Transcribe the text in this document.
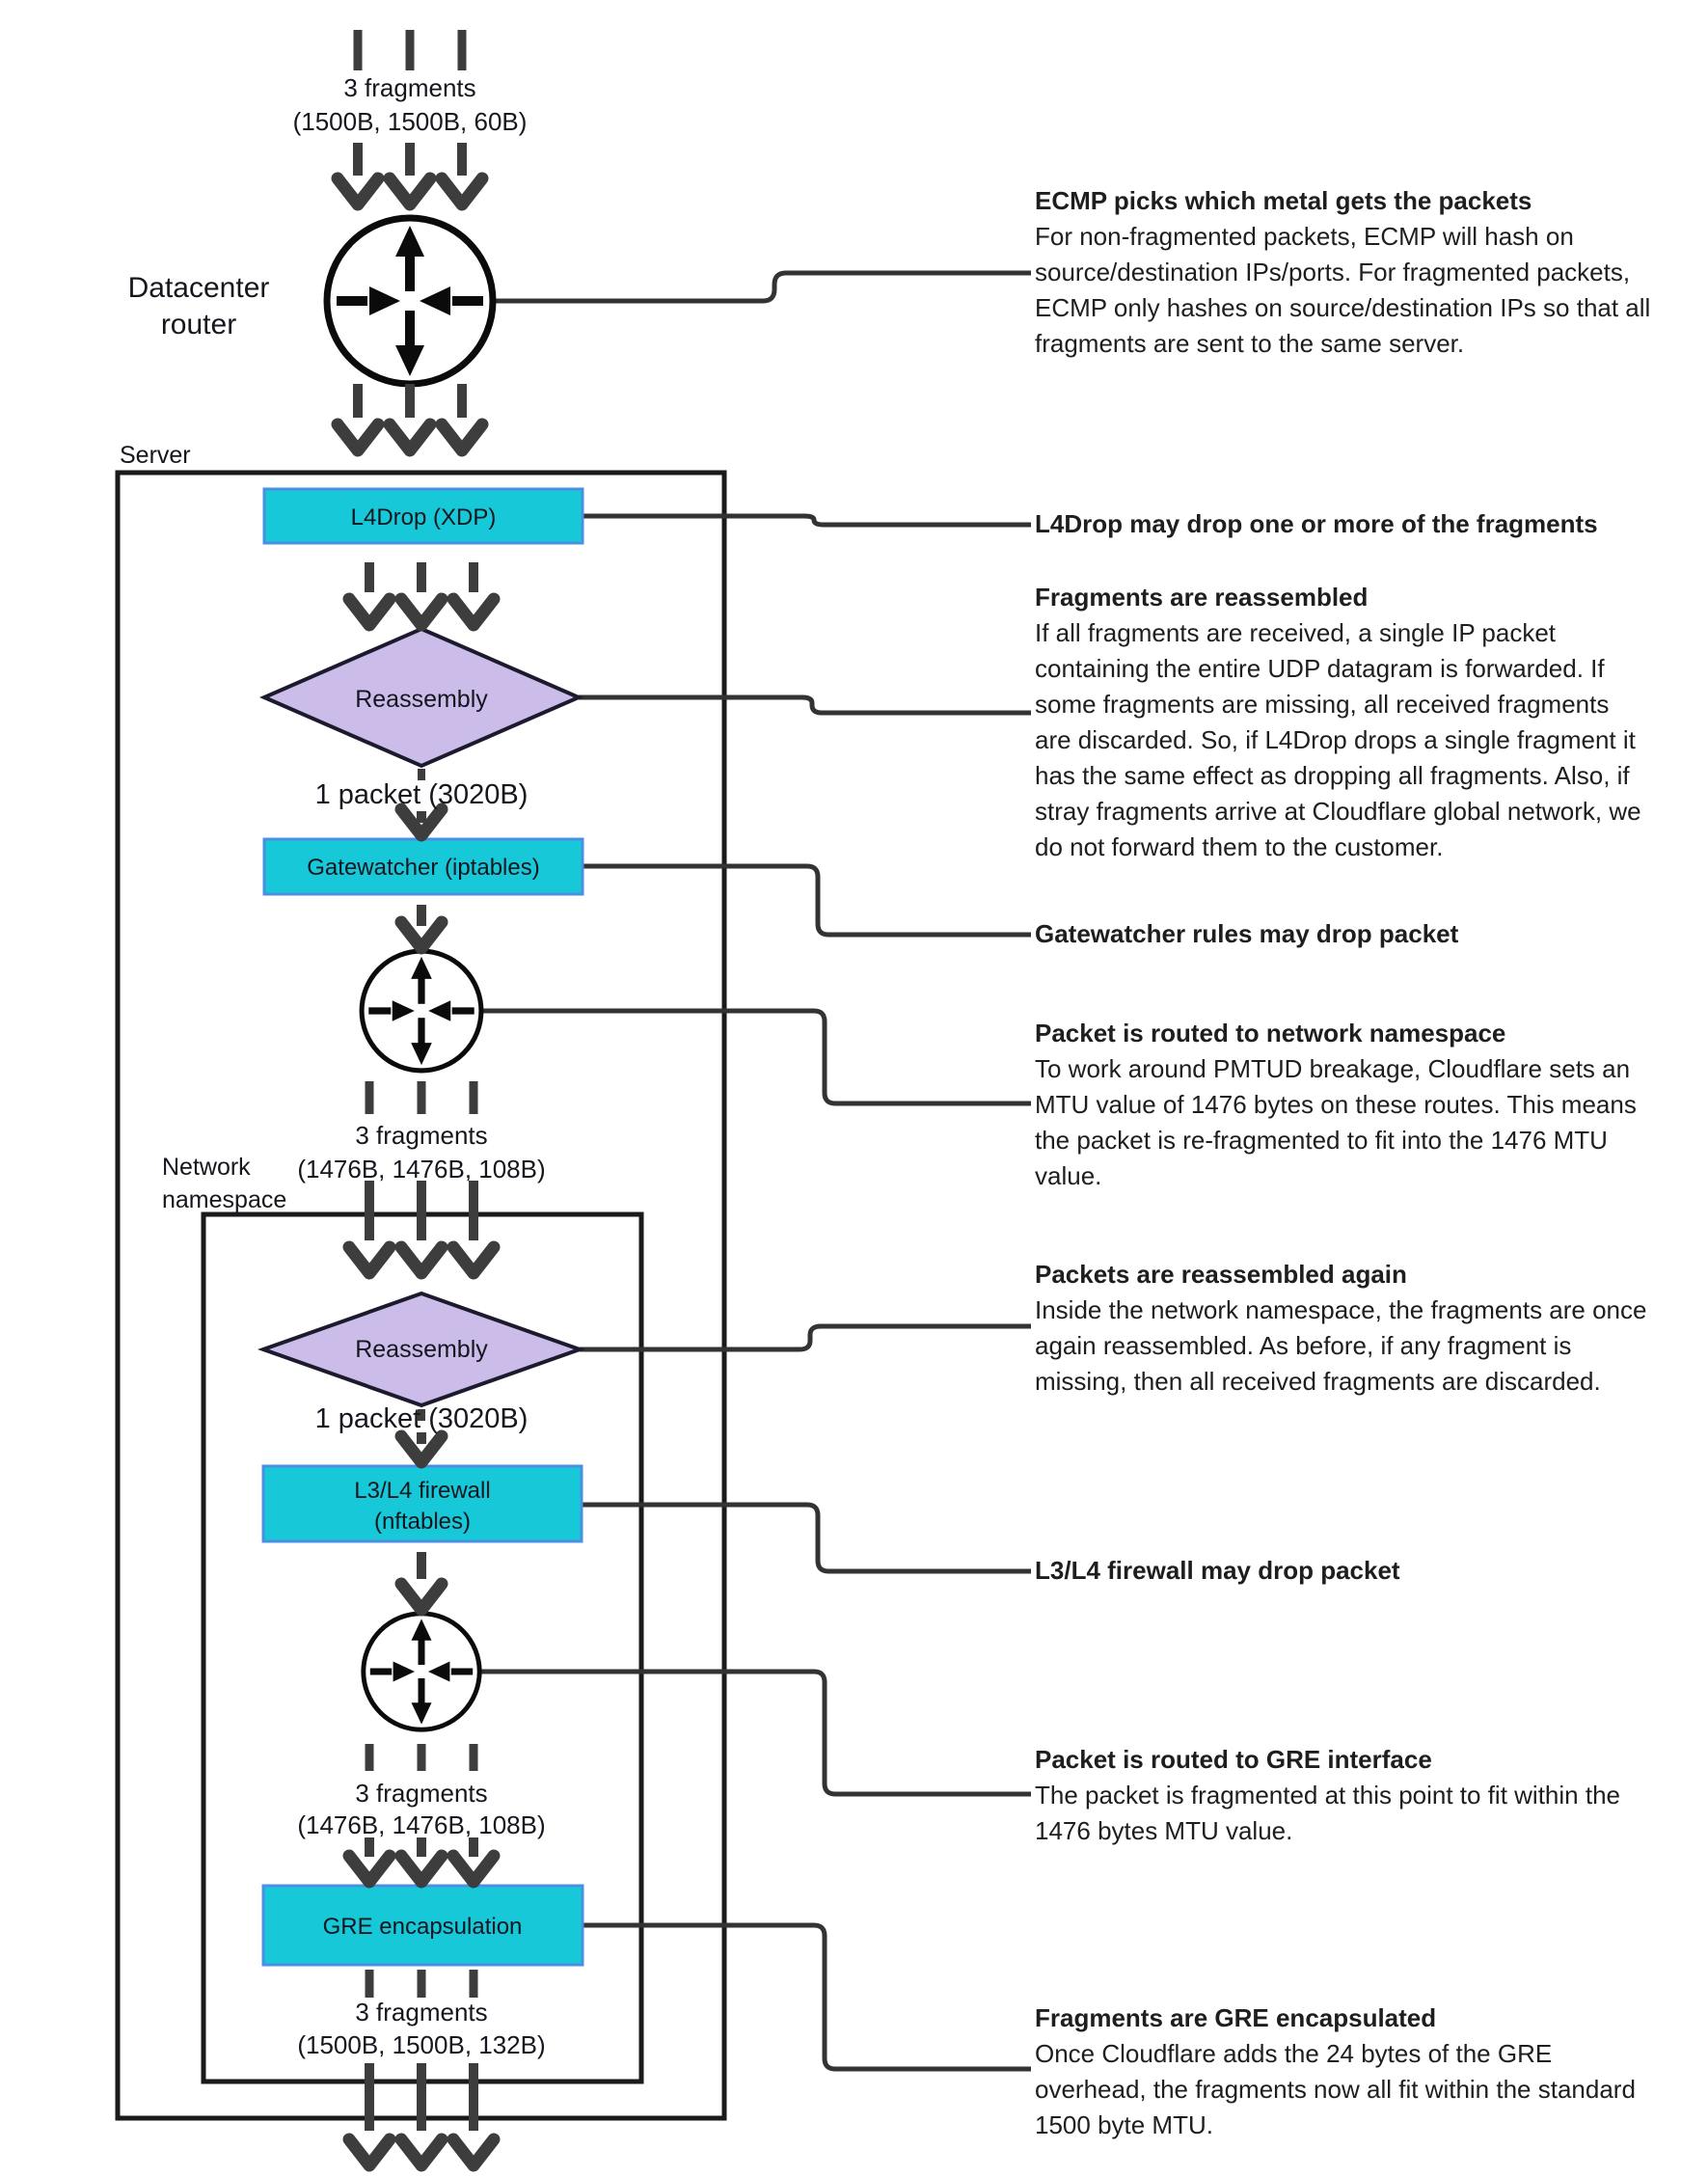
3 fragments
(1500B, 1500B, 60B)
Datacenter
router
Server
L4Drop (XDP)
Reassembly
1 packet (3020B)
Gatewatcher (iptables)
3 fragments
(1476B, 1476B, 108B)
Network
namespace
Reassembly
1 packet (3020B)
L3/L4 firewall
(nftables)
3 fragments
(1476B, 1476B, 108B)
GRE encapsulation
3 fragments
(1500B, 1500B, 132B)
ECMP picks which metal gets the packets
For non-fragmented packets, ECMP will hash on
source/destination IPs/ports. For fragmented packets,
ECMP only hashes on source/destination IPs so that all
fragments are sent to the same server.
L4Drop may drop one or more of the fragments
Fragments are reassembled
If all fragments are received, a single IP packet
containing the entire UDP datagram is forwarded. If
some fragments are missing, all received fragments
are discarded. So, if L4Drop drops a single fragment it
has the same effect as dropping all fragments. Also, if
stray fragments arrive at Cloudflare global network, we
do not forward them to the customer.
Gatewatcher rules may drop packet
Packet is routed to network namespace
To work around PMTUD breakage, Cloudflare sets an
MTU value of 1476 bytes on these routes. This means
the packet is re-fragmented to fit into the 1476 MTU
value.
Packets are reassembled again
Inside the network namespace, the fragments are once
again reassembled. As before, if any fragment is
missing, then all received fragments are discarded.
L3/L4 firewall may drop packet
Packet is routed to GRE interface
The packet is fragmented at this point to fit within the
1476 bytes MTU value.
Fragments are GRE encapsulated
Once Cloudflare adds the 24 bytes of the GRE
overhead, the fragments now all fit within the standard
1500 byte MTU.
